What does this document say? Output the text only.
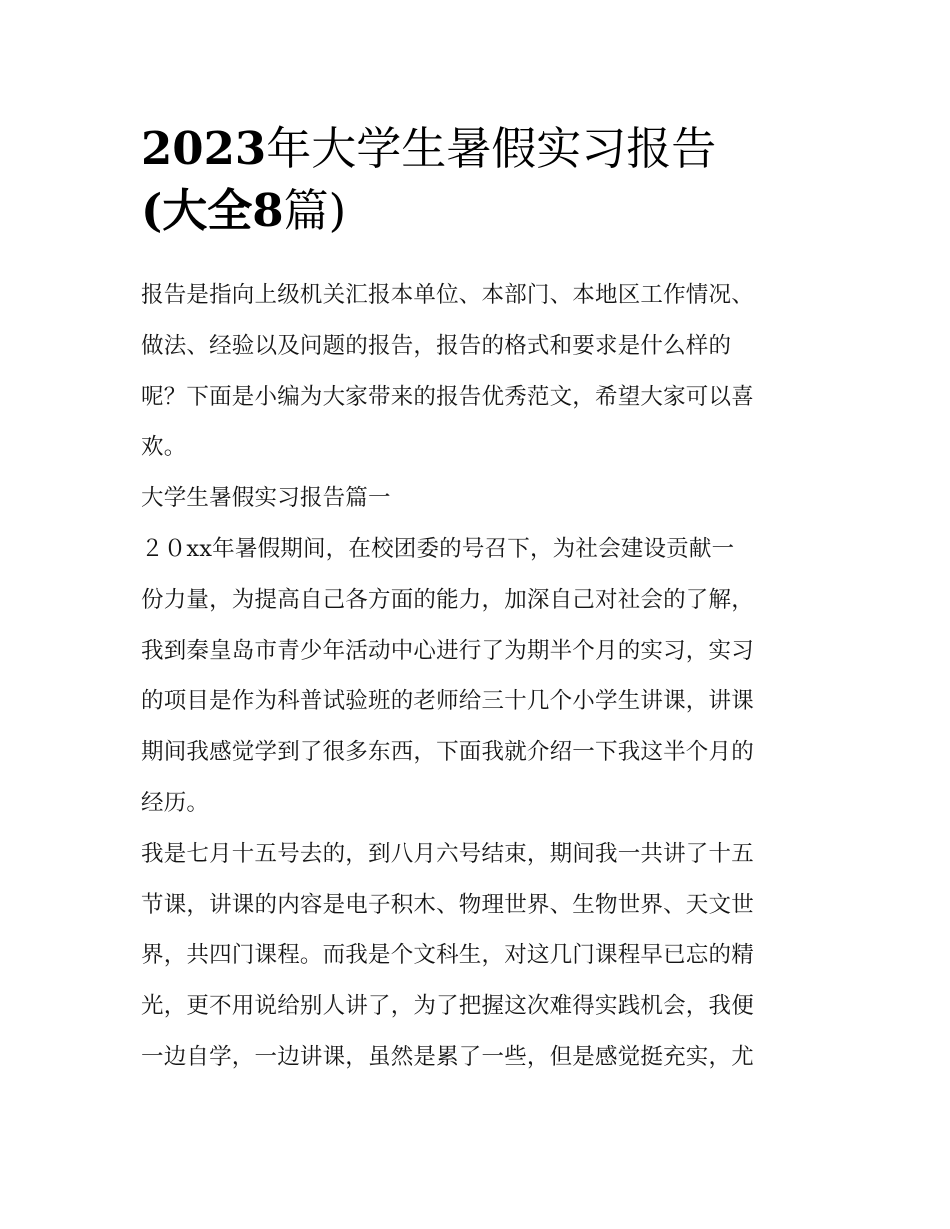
2023年大学生暑假实习报告
(大全8篇)

报告是指向上级机关汇报本单位、本部门、本地区工作情况、
做法、经验以及问题的报告，报告的格式和要求是什么样的
呢？下面是小编为大家带来的报告优秀范文，希望大家可以喜
欢。

大学生暑假实习报告篇一

２０xx年暑假期间，在校团委的号召下，为社会建设贡献一
份力量，为提高自己各方面的能力，加深自己对社会的了解，
我到秦皇岛市青少年活动中心进行了为期半个月的实习，实习
的项目是作为科普试验班的老师给三十几个小学生讲课，讲课
期间我感觉学到了很多东西，下面我就介绍一下我这半个月的
经历。

我是七月十五号去的，到八月六号结束，期间我一共讲了十五
节课，讲课的内容是电子积木、物理世界、生物世界、天文世
界，共四门课程。而我是个文科生，对这几门课程早已忘的精
光，更不用说给别人讲了，为了把握这次难得实践机会，我便
一边自学，一边讲课，虽然是累了一些，但是感觉挺充实，尤
